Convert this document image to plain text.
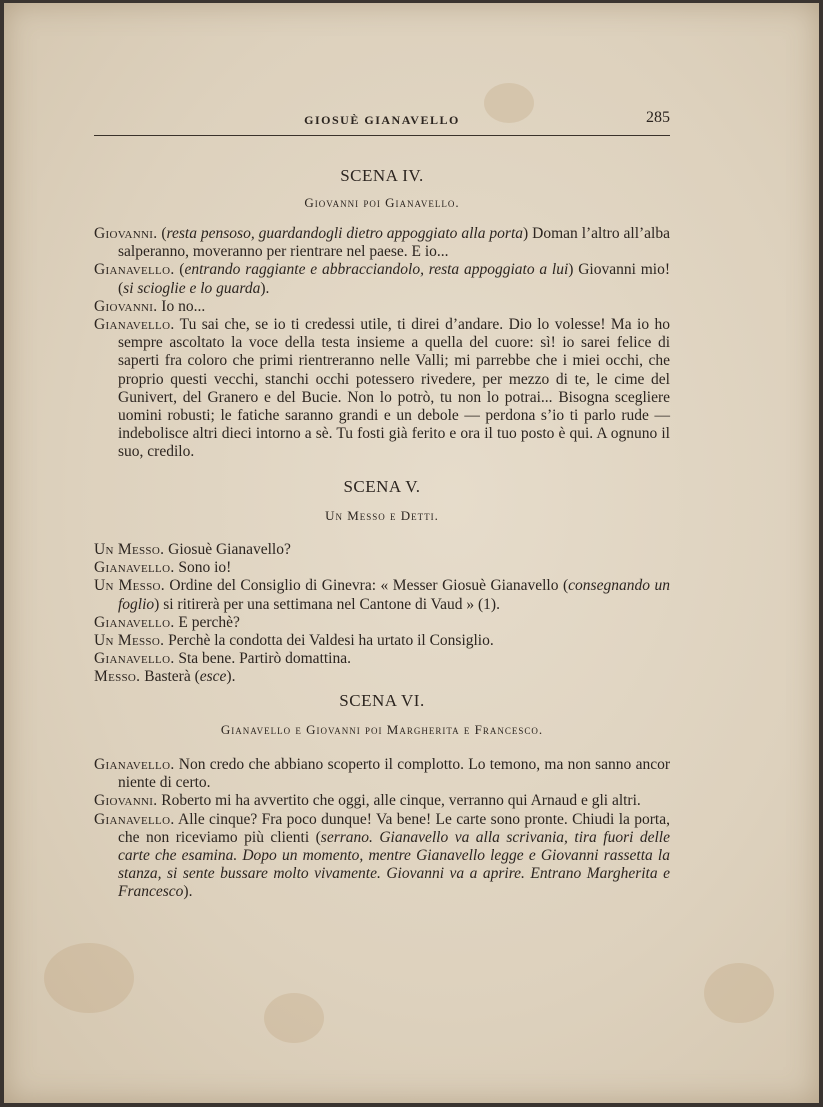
GIOSUÈ GIANAVELLO	285
SCENA IV.
Giovanni poi Gianavello.

Giovanni. (resta pensoso, guardandogli dietro appoggiato alla porta) Doman l’altro all’alba salperanno, moveranno per rientrare nel paese. E io...

Gianavello. (entrando raggiante e abbracciandolo, resta appoggiato a lui) Giovanni mio! (si scioglie e lo guarda).

Giovanni. Io no...

Gianavello. Tu sai che, se io ti credessi utile, ti direi d’andare. Dio lo volesse! Ma io ho sempre ascoltato la voce della testa insieme a quella del cuore: sì! io sarei felice di saperti fra coloro che primi rientreranno nelle Valli; mi parrebbe che i miei occhi, che proprio questi vecchi, stanchi occhi potessero rivedere, per mezzo di te, le cime del Gunivert, del Granero e del Bucie. Non lo potrò, tu non lo potrai... Bisogna scegliere uomini robusti; le fatiche saranno grandi e un debole — perdona s’io ti parlo rude — indebolisce altri dieci intorno a sè. Tu fosti già ferito e ora il tuo posto è qui. A ognuno il suo, credilo.

SCENA V.
Un Messo e Detti.

Un Messo. Giosuè Gianavello?

Gianavello. Sono io!

Un Messo. Ordine del Consiglio di Ginevra: « Messer Giosuè Gianavello (consegnando un foglio) si ritirerà per una settimana nel Cantone di Vaud » (1).

Gianavello. E perchè?

Un Messo. Perchè la condotta dei Valdesi ha urtato il Consiglio.

Gianavello. Sta bene. Partirò domattina.

Messo. Basterà (esce).

SCENA VI.
Gianavello e Giovanni poi Margherita e Francesco.

Gianavello. Non credo che abbiano scoperto il complotto. Lo temono, ma non sanno ancor niente di certo.

Giovanni. Roberto mi ha avvertito che oggi, alle cinque, verranno qui Arnaud e gli altri.

Gianavello. Alle cinque? Fra poco dunque! Va bene! Le carte sono pronte. Chiudi la porta, che non riceviamo più clienti (serrano. Gianavello va alla scrivania, tira fuori delle carte che esamina. Dopo un momento, mentre Gianavello legge e Giovanni rassetta la stanza, si sente bussare molto vivamente. Giovanni va a aprire. Entrano Margherita e Francesco).
